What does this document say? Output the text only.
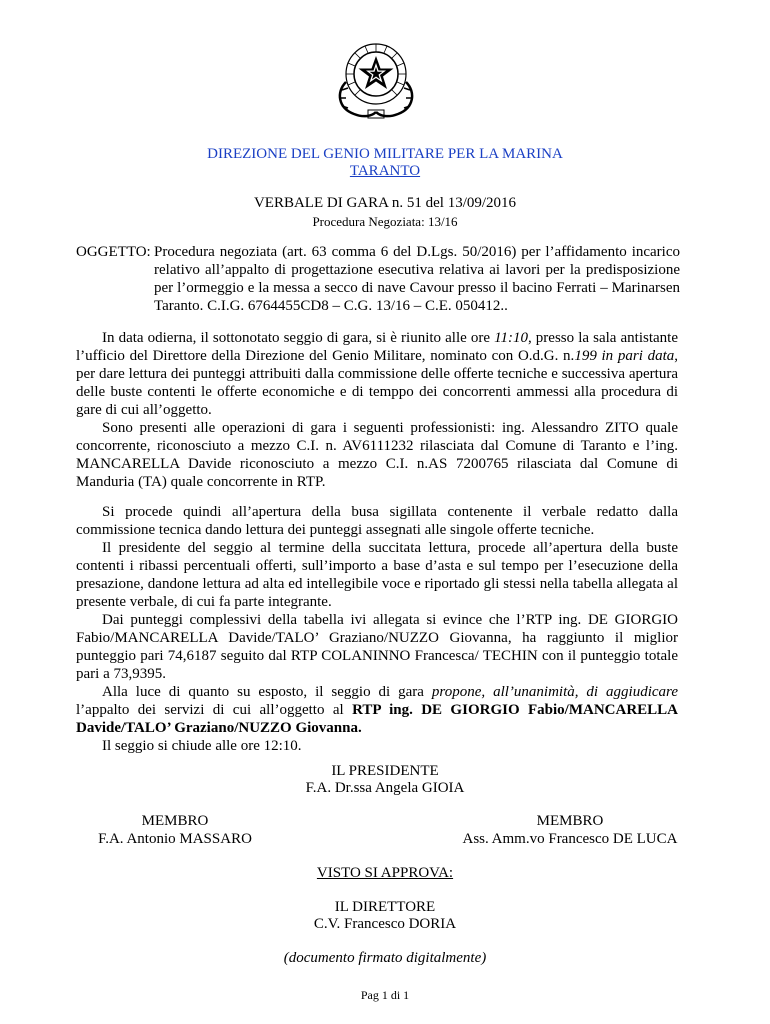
DIREZIONE DEL GENIO MILITARE PER LA MARINA
TARANTO
VERBALE DI GARA n. 51 del 13/09/2016
Procedura Negoziata: 13/16
OGGETTO: Procedura negoziata (art. 63 comma 6 del D.Lgs. 50/2016) per l’affidamento incarico relativo all’appalto di progettazione esecutiva relativa ai lavori per la predisposizione per l’ormeggio e la messa a secco di nave Cavour presso il bacino Ferrati – Marinarsen Taranto. C.I.G. 6764455CD8 – C.G. 13/16 – C.E. 050412..

In data odierna, il sottonotato seggio di gara, si è riunito alle ore 11:10, presso la sala antistante l’ufficio del Direttore della Direzione del Genio Militare, nominato con O.d.G. n.199 in pari data, per dare lettura dei punteggi attribuiti dalla commissione delle offerte tecniche e successiva apertura delle buste contenti le offerte economiche e di temppo dei concorrenti ammessi alla procedura di gare di cui all’oggetto.

Sono presenti alle operazioni di gara i seguenti professionisti: ing. Alessandro ZITO quale concorrente, riconosciuto a mezzo C.I. n. AV6111232 rilasciata dal Comune di Taranto e l’ing. MANCARELLA Davide riconosciuto a mezzo C.I. n.AS 7200765 rilasciata dal Comune di Manduria (TA) quale concorrente in RTP.

Si procede quindi all’apertura della busa sigillata contenente il verbale redatto dalla commissione tecnica dando lettura dei punteggi assegnati alle singole offerte tecniche.

Il presidente del seggio al termine della succitata lettura, procede all’apertura della buste contenti i ribassi percentuali offerti, sull’importo a base d’asta e sul tempo per l’esecuzione della presazione, dandone lettura ad alta ed intellegibile voce e riportado gli stessi nella tabella allegata al presente verbale, di cui fa parte integrante.

Dai punteggi complessivi della tabella ivi allegata si evince che l’RTP ing. DE GIORGIO Fabio/MANCARELLA Davide/TALO’ Graziano/NUZZO Giovanna, ha raggiunto il miglior punteggio pari 74,6187 seguito dal RTP COLANINNO Francesca/ TECHIN con il punteggio totale pari a 73,9395.

Alla luce di quanto su esposto, il seggio di gara propone, all’unanimità, di aggiudicare l’appalto dei servizi di cui all’oggetto al RTP ing. DE GIORGIO Fabio/MANCARELLA Davide/TALO’ Graziano/NUZZO Giovanna.

Il seggio si chiude alle ore 12:10.

IL PRESIDENTE
F.A. Dr.ssa Angela GIOIA
MEMBRO
F.A. Antonio MASSARO
MEMBRO
Ass. Amm.vo Francesco DE LUCA
VISTO SI APPROVA:
IL DIRETTORE
C.V. Francesco DORIA
(documento firmato digitalmente)
Pag 1 di 1
